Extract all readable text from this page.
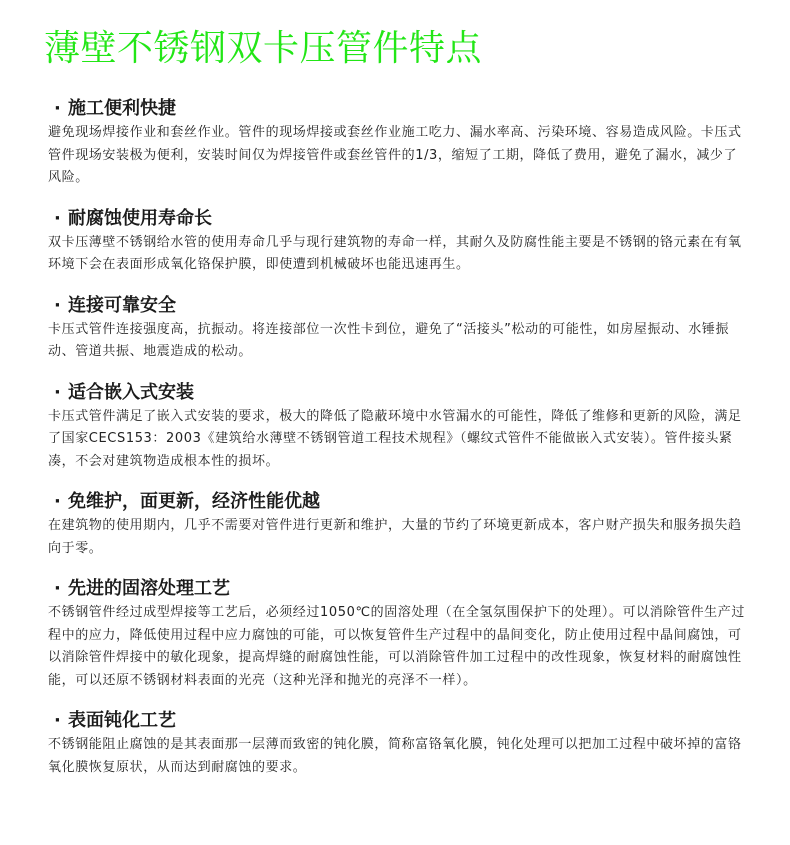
薄壁不锈钢双卡压管件特点
· 施工便利快捷

避免现场焊接作业和套丝作业。管件的现场焊接或套丝作业施工吃力、漏水率高、污染环境、容易造成风险。卡压式管件现场安装极为便利，安装时间仅为焊接管件或套丝管件的1/3，缩短了工期，降低了费用，避免了漏水，减少了风险。

· 耐腐蚀使用寿命长

双卡压薄壁不锈钢给水管的使用寿命几乎与现行建筑物的寿命一样，其耐久及防腐性能主要是不锈钢的铬元素在有氧环境下会在表面形成氧化铬保护膜，即使遭到机械破坏也能迅速再生。

· 连接可靠安全

卡压式管件连接强度高，抗振动。将连接部位一次性卡到位，避免了“活接头”松动的可能性，如房屋振动、水锤振动、管道共振、地震造成的松动。

· 适合嵌入式安装

卡压式管件满足了嵌入式安装的要求，极大的降低了隐蔽环境中水管漏水的可能性，降低了维修和更新的风险，满足了国家CECS153：2003《建筑给水薄壁不锈钢管道工程技术规程》（螺纹式管件不能做嵌入式安装）。管件接头紧凑，不会对建筑物造成根本性的损坏。

· 免维护，面更新，经济性能优越

在建筑物的使用期内，几乎不需要对管件进行更新和维护，大量的节约了环境更新成本，客户财产损失和服务损失趋向于零。

· 先进的固溶处理工艺

不锈钢管件经过成型焊接等工艺后，必须经过1050℃的固溶处理（在全氢氛围保护下的处理）。可以消除管件生产过程中的应力，降低使用过程中应力腐蚀的可能，可以恢复管件生产过程中的晶间变化，防止使用过程中晶间腐蚀，可以消除管件焊接中的敏化现象，提高焊缝的耐腐蚀性能，可以消除管件加工过程中的改性现象，恢复材料的耐腐蚀性能，可以还原不锈钢材料表面的光亮（这种光泽和抛光的亮泽不一样）。

· 表面钝化工艺

不锈钢能阻止腐蚀的是其表面那一层薄而致密的钝化膜，简称富铬氧化膜，钝化处理可以把加工过程中破坏掉的富铬氧化膜恢复原状，从而达到耐腐蚀的要求。
